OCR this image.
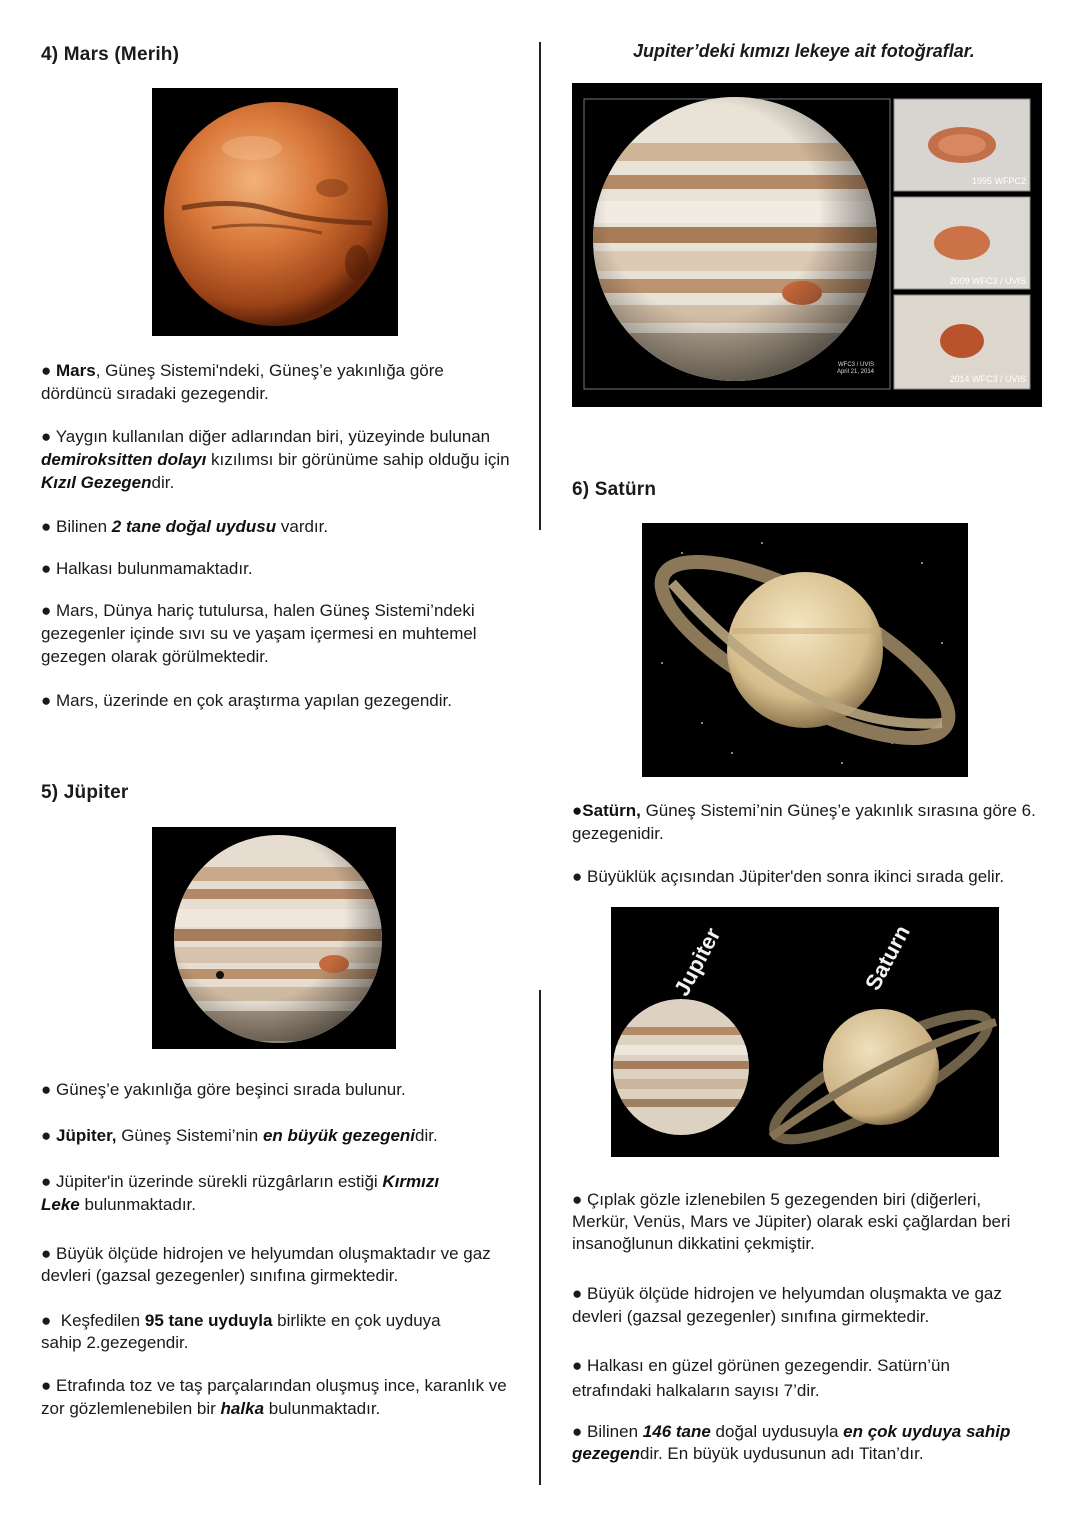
4) Mars (Merih)
● Mars, Güneş Sistemi'ndeki, Güneş’e yakınlığa göre dördüncü sıradaki gezegendir.
● Yaygın kullanılan diğer adlarından biri, yüzeyinde bulunan demiroksitten dolayı kızılımsı bir görünüme sahip olduğu için Kızıl Gezegendir.
● Bilinen 2 tane doğal uydusu vardır.
● Halkası bulunmamaktadır.
● Mars, Dünya hariç tutulursa, halen Güneş Sistemi’ndeki gezegenler içinde sıvı su ve yaşam içermesi en muhtemel gezegen olarak görülmektedir.
● Mars, üzerinde en çok araştırma yapılan gezegendir.
5) Jüpiter
● Güneş’e yakınlığa göre beşinci sırada bulunur.
● Jüpiter, Güneş Sistemi’nin en büyük gezegenidir.
● Jüpiter'in üzerinde sürekli rüzgârların estiği Kırmızı Leke bulunmaktadır.
● Büyük ölçüde hidrojen ve helyumdan oluşmaktadır ve gaz devleri (gazsal gezegenler) sınıfına girmektedir.
● Keşfedilen 95 tane uyduyla birlikte en çok uyduya sahip 2.gezegendir.
● Etrafında toz ve taş parçalarından oluşmuş ince, karanlık ve zor gözlemlenebilen bir halka bulunmaktadır.
Jupiter’deki kımızı lekeye ait fotoğraflar.
WFC3 / UVIS
April 21, 2014
1995 WFPC2
2009 WFC3 / UVIS
2014 WFC3 / UVIS
6) Satürn
●Satürn, Güneş Sistemi’nin Güneş’e yakınlık sırasına göre 6. gezegenidir.
● Büyüklük açısından Jüpiter'den sonra ikinci sırada gelir.
Jupiter	Saturn
● Çıplak gözle izlenebilen 5 gezegenden biri (diğerleri, Merkür, Venüs, Mars ve Jüpiter) olarak eski çağlardan beri insanoğlunun dikkatini çekmiştir.
● Büyük ölçüde hidrojen ve helyumdan oluşmakta ve gaz devleri (gazsal gezegenler) sınıfına girmektedir.
● Halkası en güzel görünen gezegendir. Satürn’ün
etrafındaki halkaların sayısı 7’dir.
● Bilinen 146 tane doğal uydusuyla en çok uyduya sahip gezegendir. En büyük uydusunun adı Titan’dır.
